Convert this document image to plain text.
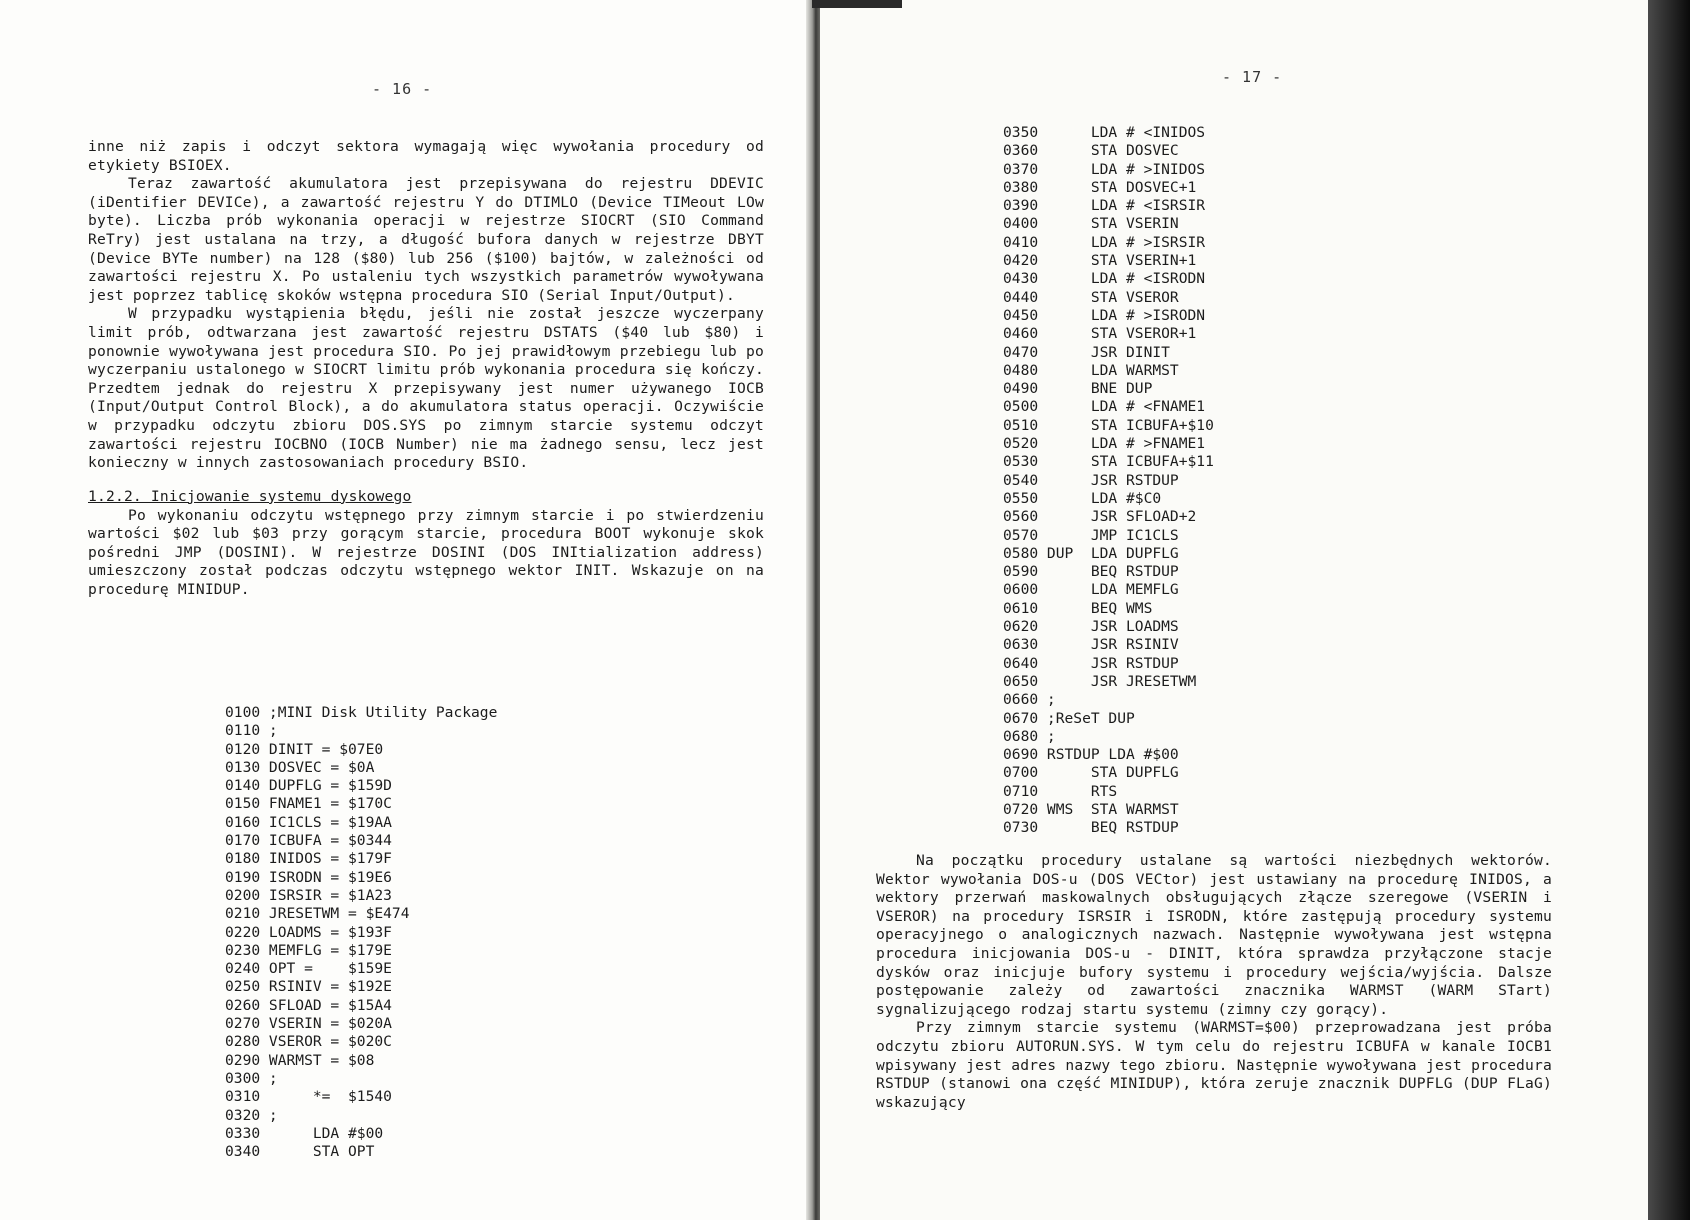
- 16 -

inne niż zapis i odczyt sektora wymagają więc wywołania procedury od etykiety BSIOEX.

Teraz zawartość akumulatora jest przepisywana do rejestru DDEVIC (iDentifier DEVICe), a zawartość rejestru Y do DTIMLO (Device TIMeout LOw byte). Liczba prób wykonania operacji w rejestrze SIOCRT (SIO Command ReTry) jest ustalana na trzy, a długość bufora danych w rejestrze DBYT (Device BYTe number) na 128 ($80) lub 256 ($100) bajtów, w zależności od zawartości rejestru X. Po ustaleniu tych wszystkich parametrów wywoływana jest poprzez tablicę skoków wstępna procedura SIO (Serial Input/Output).

W przypadku wystąpienia błędu, jeśli nie został jeszcze wyczerpany limit prób, odtwarzana jest zawartość rejestru DSTATS ($40 lub $80) i ponownie wywoływana jest procedura SIO. Po jej prawidłowym przebiegu lub po wyczerpaniu ustalonego w SIOCRT limitu prób wykonania procedura się kończy. Przedtem jednak do rejestru X przepisywany jest numer używanego IOCB (Input/Output Control Block), a do akumulatora status operacji. Oczywiście w przypadku odczytu zbioru DOS.SYS po zimnym starcie systemu odczyt zawartości rejestru IOCBNO (IOCB Number) nie ma żadnego sensu, lecz jest konieczny w innych zastosowaniach procedury BSIO.

1.2.2. Inicjowanie systemu dyskowego

Po wykonaniu odczytu wstępnego przy zimnym starcie i po stwierdzeniu wartości $02 lub $03 przy gorącym starcie, procedura BOOT wykonuje skok pośredni JMP (DOSINI). W rejestrze DOSINI (DOS INItialization address) umieszczony został podczas odczytu wstępnego wektor INIT. Wskazuje on na procedurę MINIDUP.

0100 ;MINI Disk Utility Package
0110 ;
0120 DINIT = $07E0
0130 DOSVEC = $0A
0140 DUPFLG = $159D
0150 FNAME1 = $170C
0160 IC1CLS = $19AA
0170 ICBUFA = $0344
0180 INIDOS = $179F
0190 ISRODN = $19E6
0200 ISRSIR = $1A23
0210 JRESETWM = $E474
0220 LOADMS = $193F
0230 MEMFLG = $179E
0240 OPT =    $159E
0250 RSINIV = $192E
0260 SFLOAD = $15A4
0270 VSERIN = $020A
0280 VSEROR = $020C
0290 WARMST = $08
0300 ;
0310      *=  $1540
0320 ;
0330      LDA #$00
0340      STA OPT
- 17 -
0350      LDA # <INIDOS
0360      STA DOSVEC
0370      LDA # >INIDOS
0380      STA DOSVEC+1
0390      LDA # <ISRSIR
0400      STA VSERIN
0410      LDA # >ISRSIR
0420      STA VSERIN+1
0430      LDA # <ISRODN
0440      STA VSEROR
0450      LDA # >ISRODN
0460      STA VSEROR+1
0470      JSR DINIT
0480      LDA WARMST
0490      BNE DUP
0500      LDA # <FNAME1
0510      STA ICBUFA+$10
0520      LDA # >FNAME1
0530      STA ICBUFA+$11
0540      JSR RSTDUP
0550      LDA #$C0
0560      JSR SFLOAD+2
0570      JMP IC1CLS
0580 DUP  LDA DUPFLG
0590      BEQ RSTDUP
0600      LDA MEMFLG
0610      BEQ WMS
0620      JSR LOADMS
0630      JSR RSINIV
0640      JSR RSTDUP
0650      JSR JRESETWM
0660 ;
0670 ;ReSeT DUP
0680 ;
0690 RSTDUP LDA #$00
0700      STA DUPFLG
0710      RTS
0720 WMS  STA WARMST
0730      BEQ RSTDUP

Na początku procedury ustalane są wartości niezbędnych wektorów. Wektor wywołania DOS-u (DOS VECtor) jest ustawiany na procedurę INIDOS, a wektory przerwań maskowalnych obsługujących złącze szeregowe (VSERIN i VSEROR) na procedury ISRSIR i ISRODN, które zastępują procedury systemu operacyjnego o analogicznych nazwach. Następnie wywoływana jest wstępna procedura inicjowania DOS-u - DINIT, która sprawdza przyłączone stacje dysków oraz inicjuje bufory systemu i procedury wejścia/wyjścia. Dalsze postępowanie zależy od zawartości znacznika WARMST (WARM STart) sygnalizującego rodzaj startu systemu (zimny czy gorący).

Przy zimnym starcie systemu (WARMST=$00) przeprowadzana jest próba odczytu zbioru AUTORUN.SYS. W tym celu do rejestru ICBUFA w kanale IOCB1 wpisywany jest adres nazwy tego zbioru. Następnie wywoływana jest procedura RSTDUP (stanowi ona część MINIDUP), która zeruje znacznik DUPFLG (DUP FLaG) wskazujący
